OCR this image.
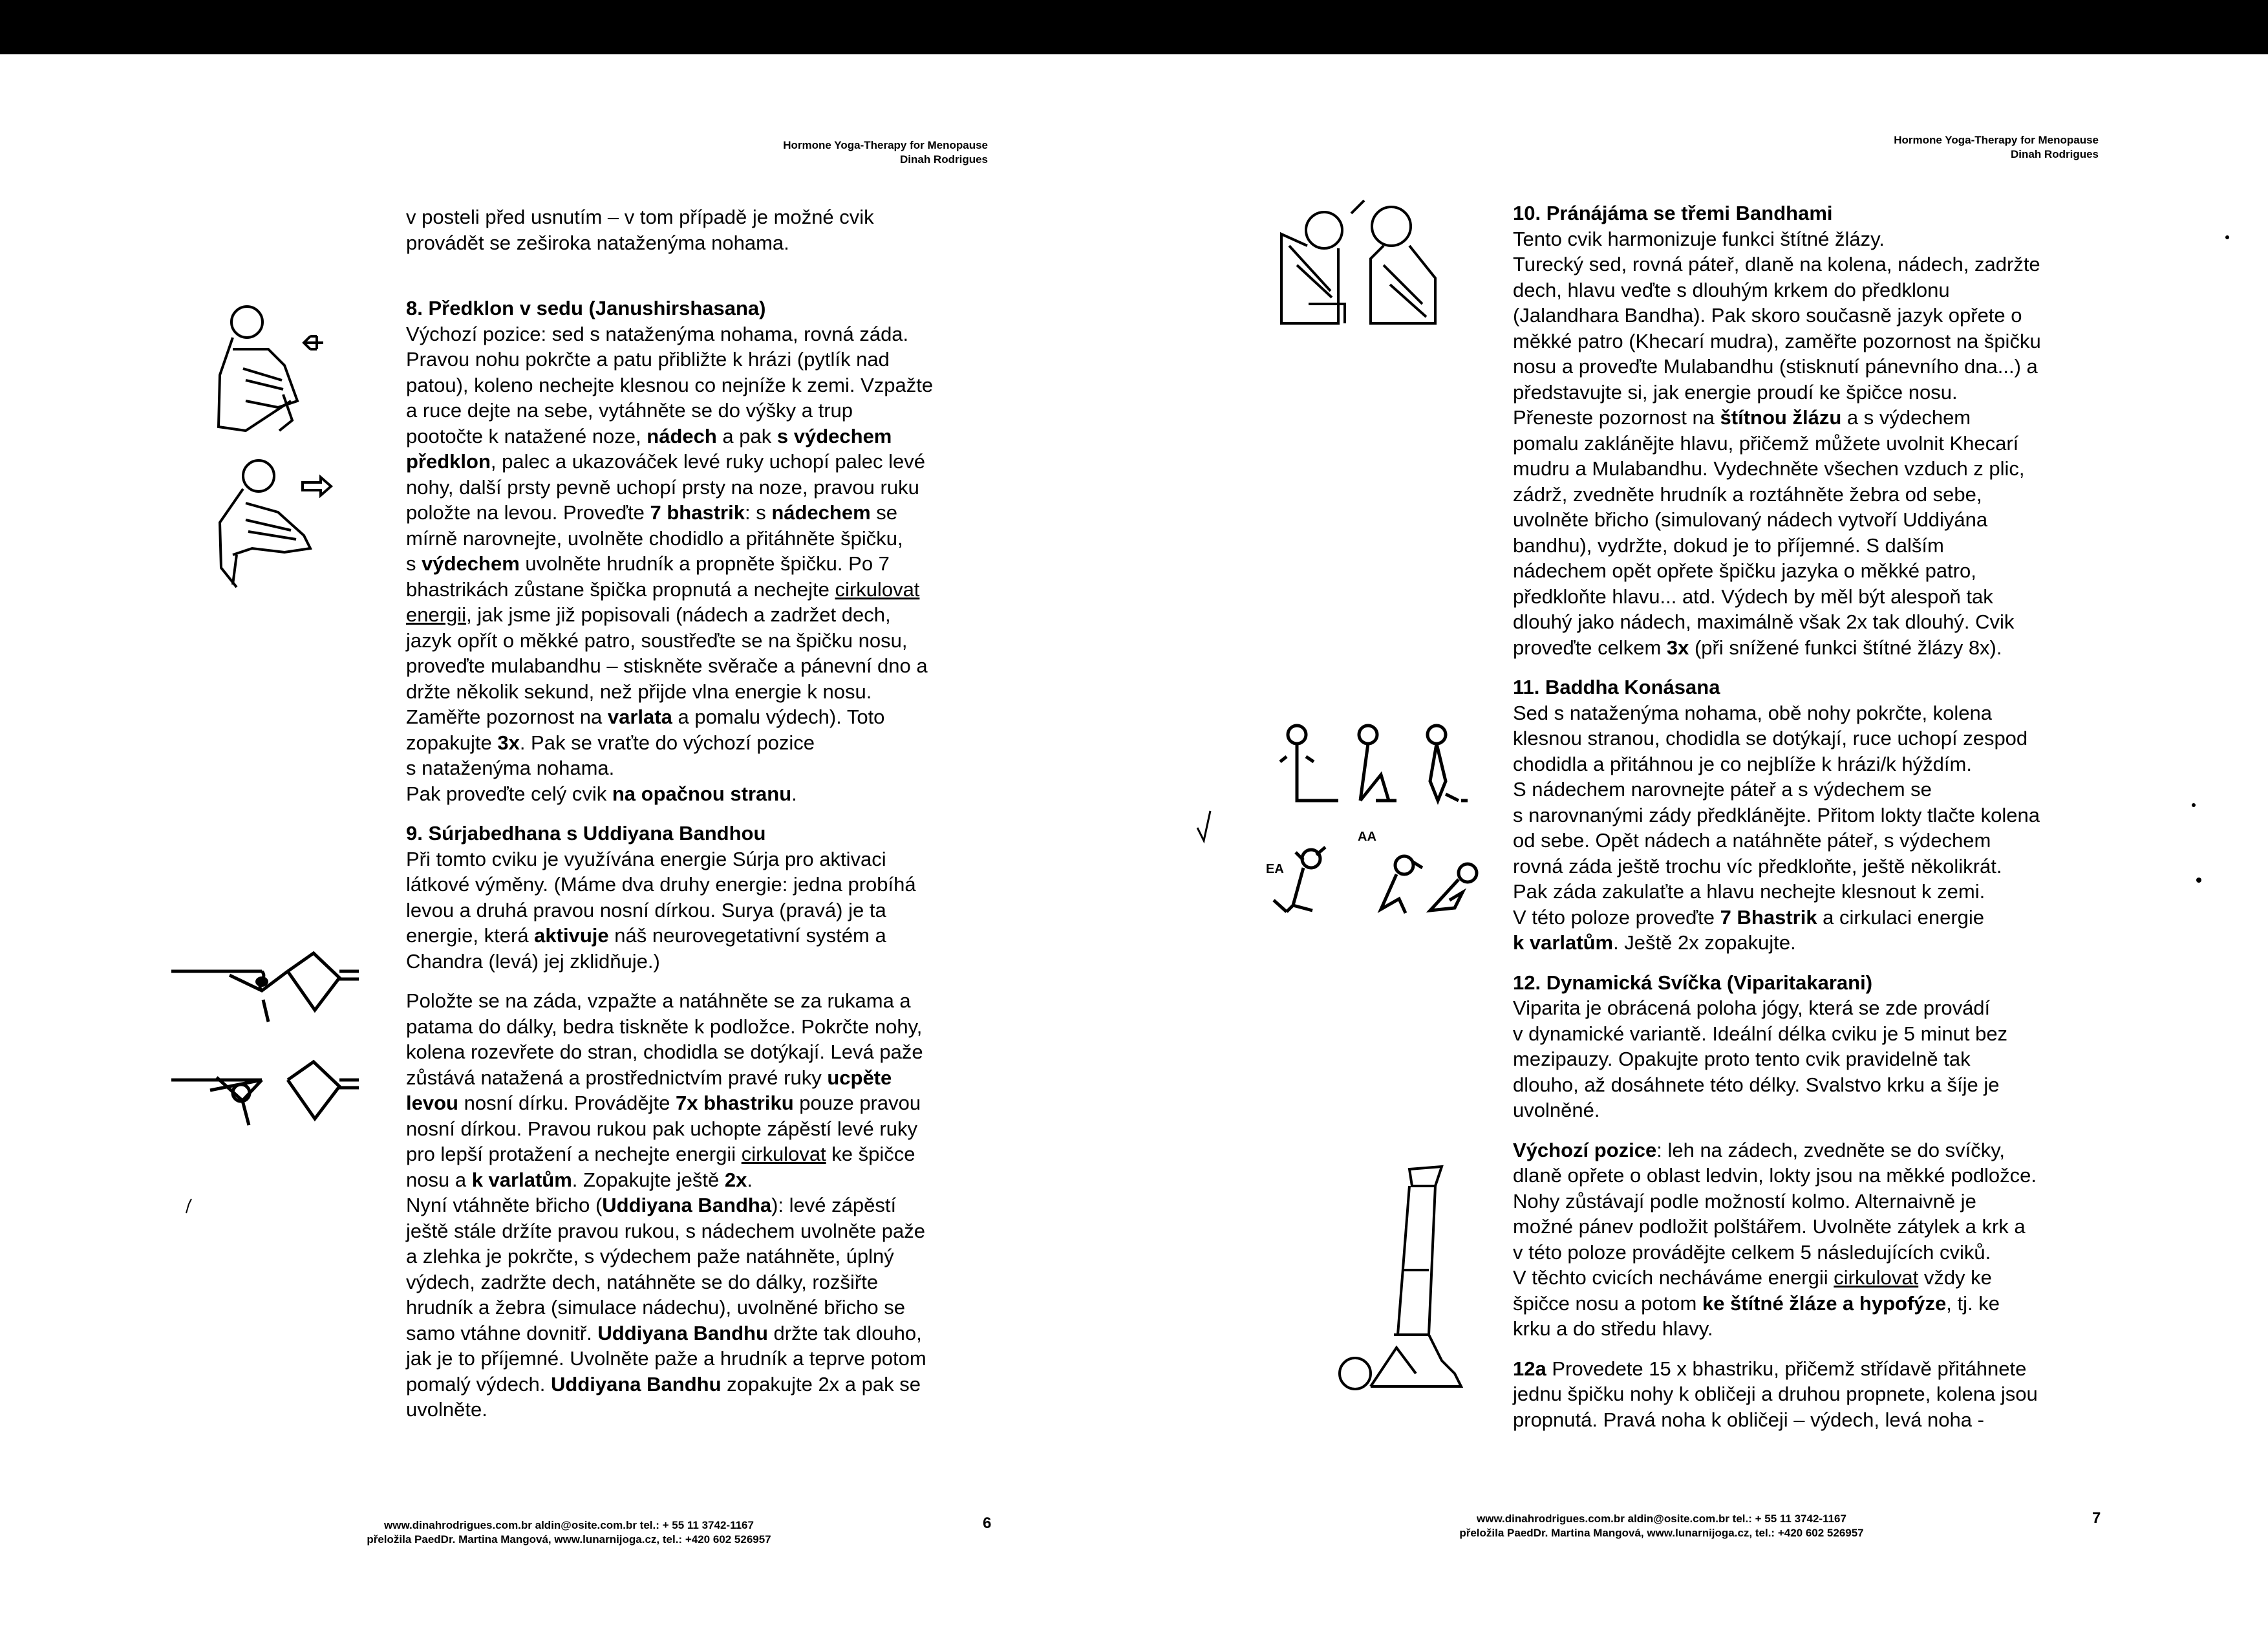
Hormone Yoga-Therapy for Menopause
Dinah Rodrigues

v posteli před usnutím – v tom případě je možné cvik

provádět se zeširoka nataženýma nohama.

8. Předklon v sedu (Janushirshasana)

Výchozí pozice: sed s nataženýma nohama, rovná záda.

Pravou nohu pokrčte a patu přibližte k hrázi (pytlík nad

patou), koleno nechejte klesnou co nejníže k zemi. Vzpažte

a ruce dejte na sebe, vytáhněte se do výšky a trup

pootočte k natažené noze, nádech a pak s výdechem

předklon, palec a ukazováček levé ruky uchopí palec levé

nohy, další prsty pevně uchopí prsty na noze, pravou ruku

položte na levou. Proveďte 7 bhastrik: s nádechem se

mírně narovnejte, uvolněte chodidlo a přitáhněte špičku,

s výdechem uvolněte hrudník a propněte špičku. Po 7

bhastrikách zůstane špička propnutá a nechejte cirkulovat

energii, jak jsme již popisovali (nádech a zadržet dech,

jazyk opřít o měkké patro, soustřeďte se na špičku nosu,

proveďte mulabandhu – stiskněte svěrače a pánevní dno a

držte několik sekund, než přijde vlna energie k nosu.

Zaměřte pozornost na varlata a pomalu výdech). Toto

zopakujte 3x. Pak se vraťte do výchozí pozice

s nataženýma nohama.

Pak proveďte celý cvik na opačnou stranu.

9. Súrjabedhana s Uddiyana Bandhou

Při tomto cviku je využívána energie Súrja pro aktivaci

látkové výměny. (Máme dva druhy energie: jedna probíhá

levou a druhá pravou nosní dírkou. Surya (pravá) je ta

energie, která aktivuje náš neurovegetativní systém a

Chandra (levá) jej zklidňuje.)

Položte se na záda, vzpažte a natáhněte se za rukama a

patama do dálky, bedra tiskněte k podložce. Pokrčte nohy,

kolena rozevřete do stran, chodidla se dotýkají. Levá paže

zůstává natažená a prostřednictvím pravé ruky ucpěte

levou nosní dírku. Provádějte 7x bhastriku pouze pravou

nosní dírkou. Pravou rukou pak uchopte zápěstí levé ruky

pro lepší protažení a nechejte energii cirkulovat ke špičce

nosu a k varlatům. Zopakujte ještě 2x.

Nyní vtáhněte břicho (Uddiyana Bandha): levé zápěstí

ještě stále držíte pravou rukou, s nádechem uvolněte paže

a zlehka je pokrčte, s výdechem paže natáhněte, úplný

výdech, zadržte dech, natáhněte se do dálky, rozšiřte

hrudník a žebra (simulace nádechu), uvolněné břicho se

samo vtáhne dovnitř. Uddiyana Bandhu držte tak dlouho,

jak je to příjemné. Uvolněte paže a hrudník a teprve potom

pomalý výdech. Uddiyana Bandhu zopakujte 2x a pak se

uvolněte.

www.dinahrodrigues.com.br aldin@osite.com.br tel.: + 55 11 3742-1167
přeložila PaedDr. Martina Mangová, www.lunarnijoga.cz, tel.: +420 602 526957
6
Hormone Yoga-Therapy for Menopause
Dinah Rodrigues

10. Pránájáma se třemi Bandhami

Tento cvik harmonizuje funkci štítné žlázy.

Turecký sed, rovná páteř, dlaně na kolena, nádech, zadržte

dech, hlavu veďte s dlouhým krkem do předklonu

(Jalandhara Bandha). Pak skoro současně jazyk opřete o

měkké patro (Khecarí mudra), zaměřte pozornost na špičku

nosu a proveďte Mulabandhu (stisknutí pánevního dna...) a

představujte si, jak energie proudí ke špičce nosu.

Přeneste pozornost na štítnou žlázu a s výdechem

pomalu zaklánějte hlavu, přičemž můžete uvolnit Khecarí

mudru a Mulabandhu. Vydechněte všechen vzduch z plic,

zádrž, zvedněte hrudník a roztáhněte žebra od sebe,

uvolněte břicho (simulovaný nádech vytvoří Uddiyána

bandhu), vydržte, dokud je to příjemné. S dalším

nádechem opět opřete špičku jazyka o měkké patro,

předkloňte hlavu... atd. Výdech by měl být alespoň tak

dlouhý jako nádech, maximálně však 2x tak dlouhý. Cvik

proveďte celkem 3x (při snížené funkci štítné žlázy 8x).

11. Baddha Konásana

Sed s nataženýma nohama, obě nohy pokrčte, kolena

klesnou stranou, chodidla se dotýkají, ruce uchopí zespod

chodidla a přitáhnou je co nejblíže k hrázi/k hýždím.

S nádechem narovnejte páteř a s výdechem se

s narovnanými zády předklánějte. Přitom lokty tlačte kolena

od sebe. Opět nádech a natáhněte páteř, s výdechem

rovná záda ještě trochu víc předkloňte, ještě několikrát.

Pak záda zakulaťte a hlavu nechejte klesnout k zemi.

V této poloze proveďte 7 Bhastrik a cirkulaci energie

k varlatům. Ještě 2x zopakujte.

12. Dynamická Svíčka (Viparitakarani)

Viparita je obrácená poloha jógy, která se zde provádí

v dynamické variantě. Ideální délka cviku je 5 minut bez

mezipauzy. Opakujte proto tento cvik pravidelně tak

dlouho, až dosáhnete této délky. Svalstvo krku a šíje je

uvolněné.

Výchozí pozice: leh na zádech, zvedněte se do svíčky,

dlaně opřete o oblast ledvin, lokty jsou na měkké podložce.

Nohy zůstávají podle možností kolmo. Alternaivně je

možné pánev podložit polštářem. Uvolněte zátylek a krk a

v této poloze provádějte celkem 5 následujících cviků.

V těchto cvicích necháváme energii cirkulovat vždy ke

špičce nosu a potom ke štítné žláze a hypofýze, tj. ke

krku a do středu hlavy.

12a Provedete 15 x bhastriku, přičemž střídavě přitáhnete

jednu špičku nohy k obličeji a druhou propnete, kolena jsou

propnutá. Pravá noha k obličeji – výdech, levá noha -

EA
AA
www.dinahrodrigues.com.br aldin@osite.com.br tel.: + 55 11 3742-1167
přeložila PaedDr. Martina Mangová, www.lunarnijoga.cz, tel.: +420 602 526957
7
